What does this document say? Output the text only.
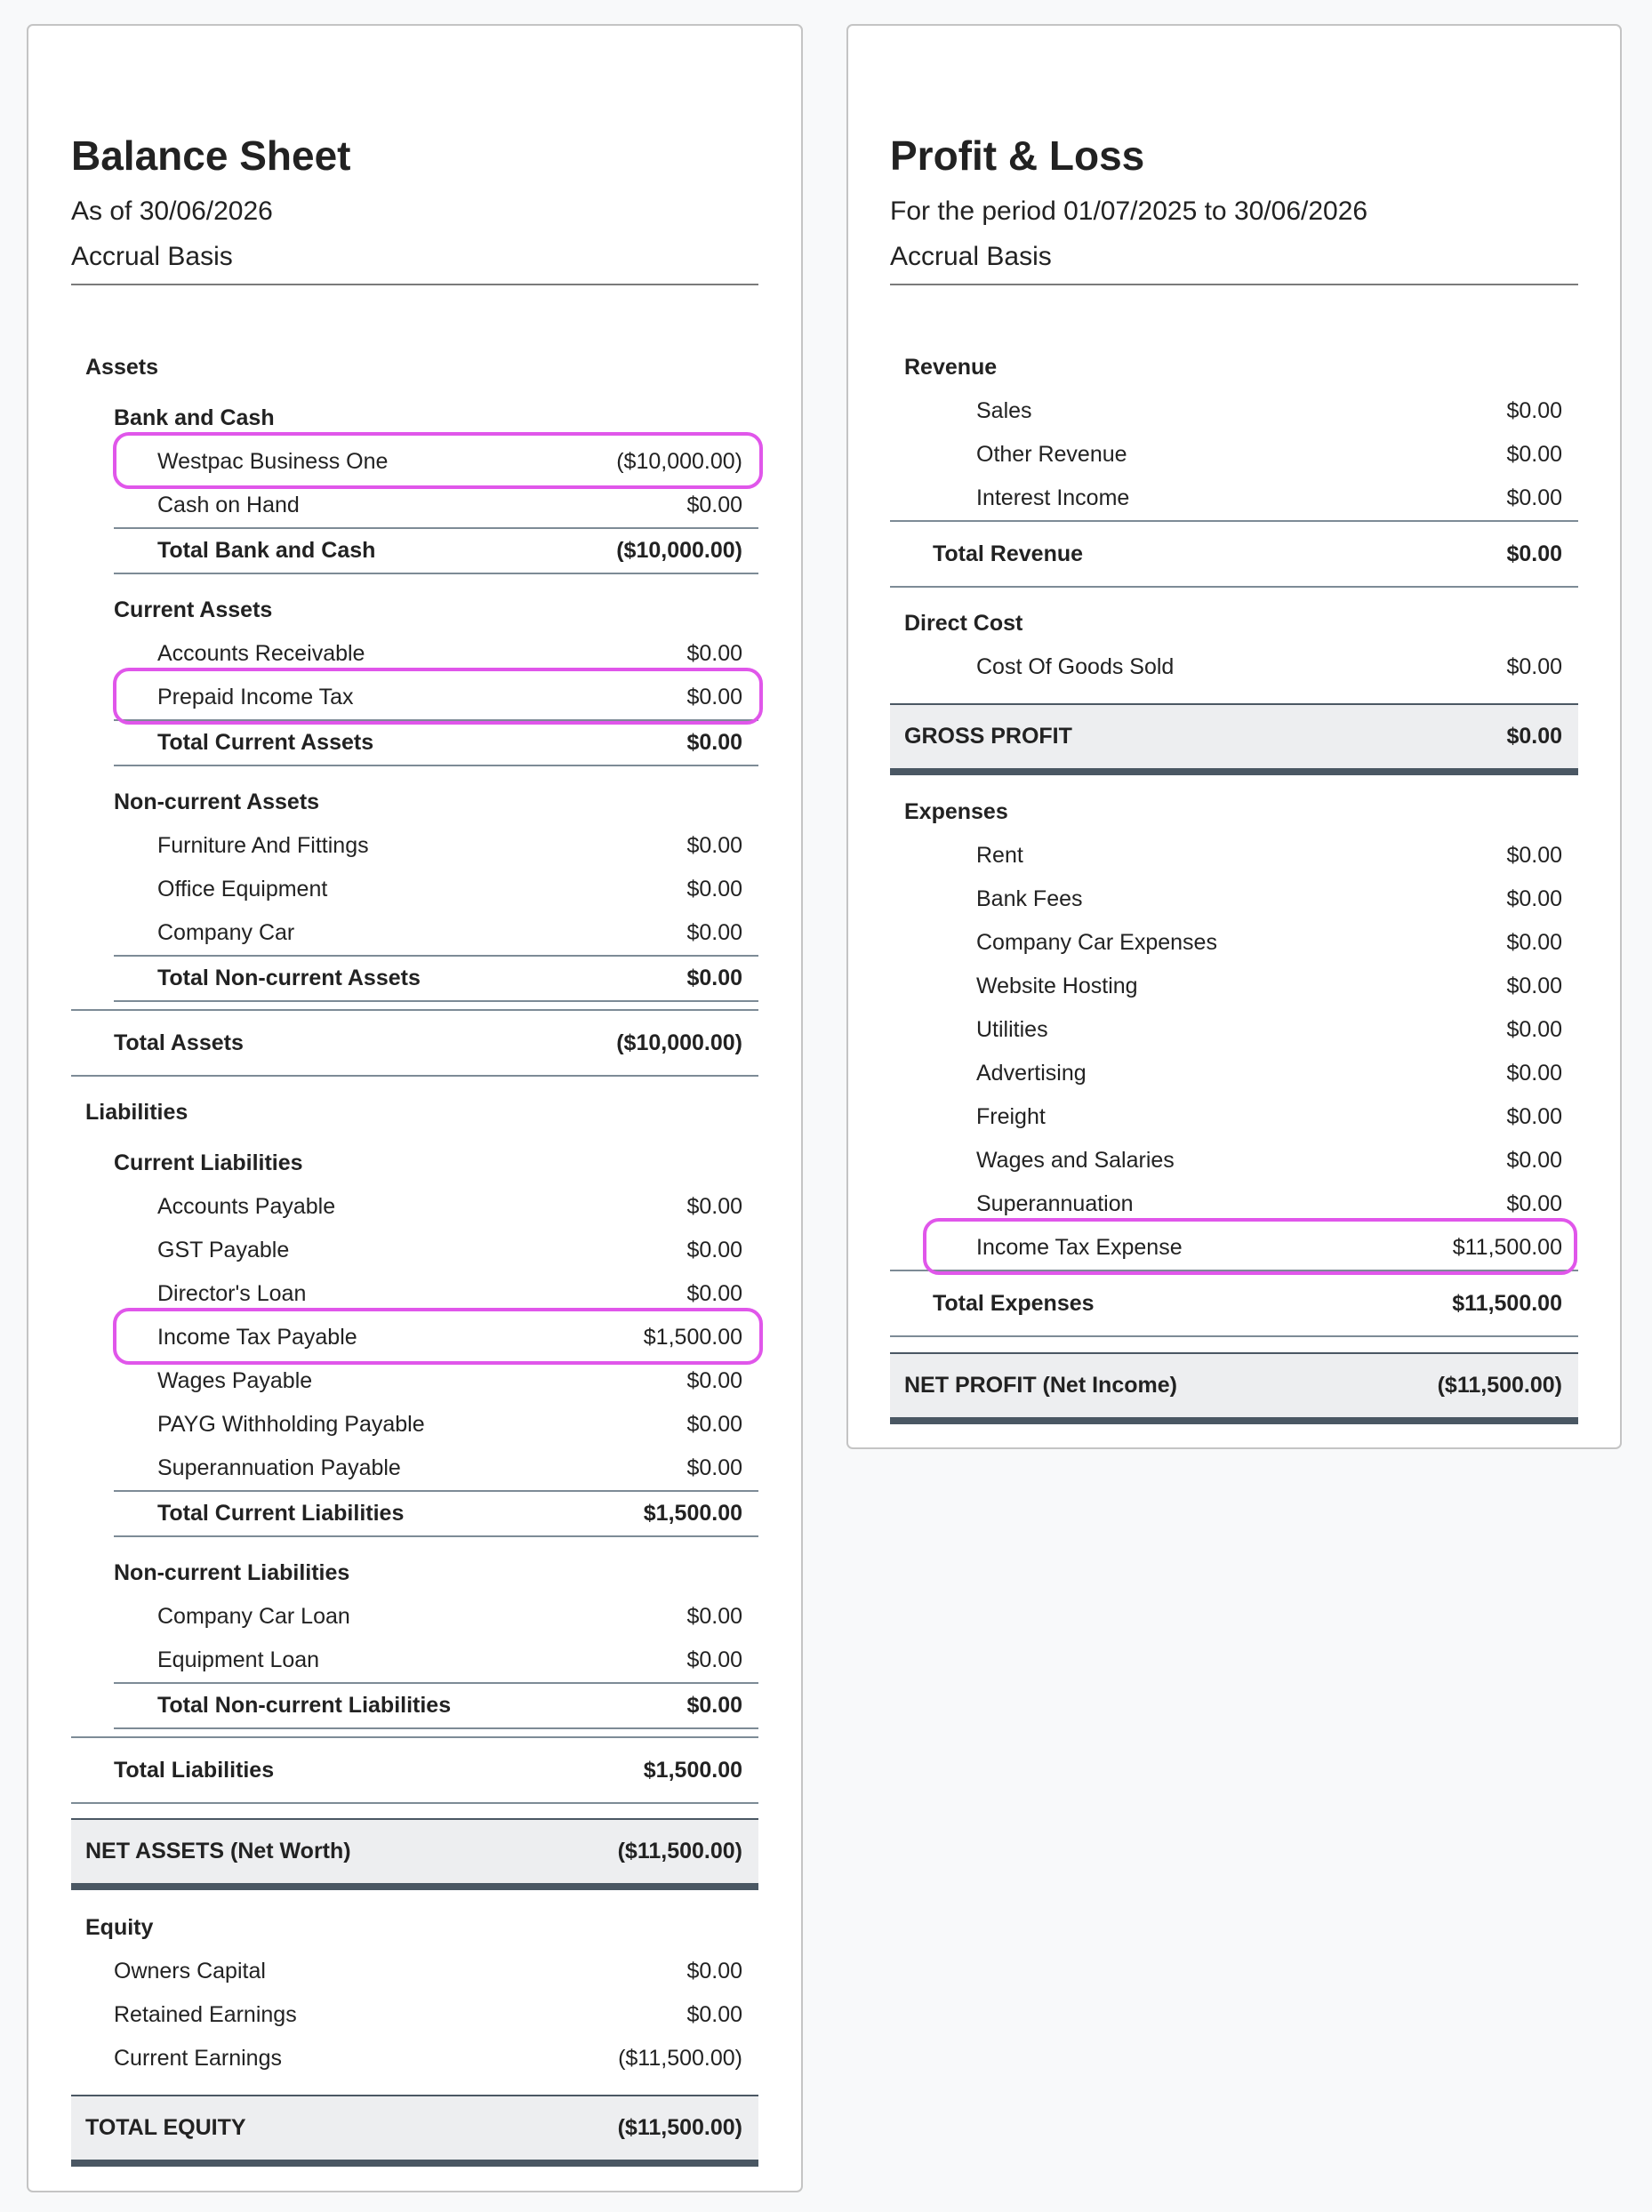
Balance Sheet
As of 30/06/2026
Accrual Basis
Assets
Bank and Cash
Westpac Business One	($10,000.00)
Cash on Hand	$0.00
Total Bank and Cash	($10,000.00)
Current Assets
Accounts Receivable	$0.00
Prepaid Income Tax	$0.00
Total Current Assets	$0.00
Non-current Assets
Furniture And Fittings	$0.00
Office Equipment	$0.00
Company Car	$0.00
Total Non-current Assets	$0.00
Total Assets	($10,000.00)
Liabilities
Current Liabilities
Accounts Payable	$0.00
GST Payable	$0.00
Director's Loan	$0.00
Income Tax Payable	$1,500.00
Wages Payable	$0.00
PAYG Withholding Payable	$0.00
Superannuation Payable	$0.00
Total Current Liabilities	$1,500.00
Non-current Liabilities
Company Car Loan	$0.00
Equipment Loan	$0.00
Total Non-current Liabilities	$0.00
Total Liabilities	$1,500.00
NET ASSETS (Net Worth)	($11,500.00)
Equity
Owners Capital	$0.00
Retained Earnings	$0.00
Current Earnings	($11,500.00)
TOTAL EQUITY	($11,500.00)
Profit & Loss
For the period 01/07/2025 to 30/06/2026
Accrual Basis
Revenue
Sales	$0.00
Other Revenue	$0.00
Interest Income	$0.00
Total Revenue	$0.00
Direct Cost
Cost Of Goods Sold	$0.00
GROSS PROFIT	$0.00
Expenses
Rent	$0.00
Bank Fees	$0.00
Company Car Expenses	$0.00
Website Hosting	$0.00
Utilities	$0.00
Advertising	$0.00
Freight	$0.00
Wages and Salaries	$0.00
Superannuation	$0.00
Income Tax Expense	$11,500.00
Total Expenses	$11,500.00
NET PROFIT (Net Income)	($11,500.00)
